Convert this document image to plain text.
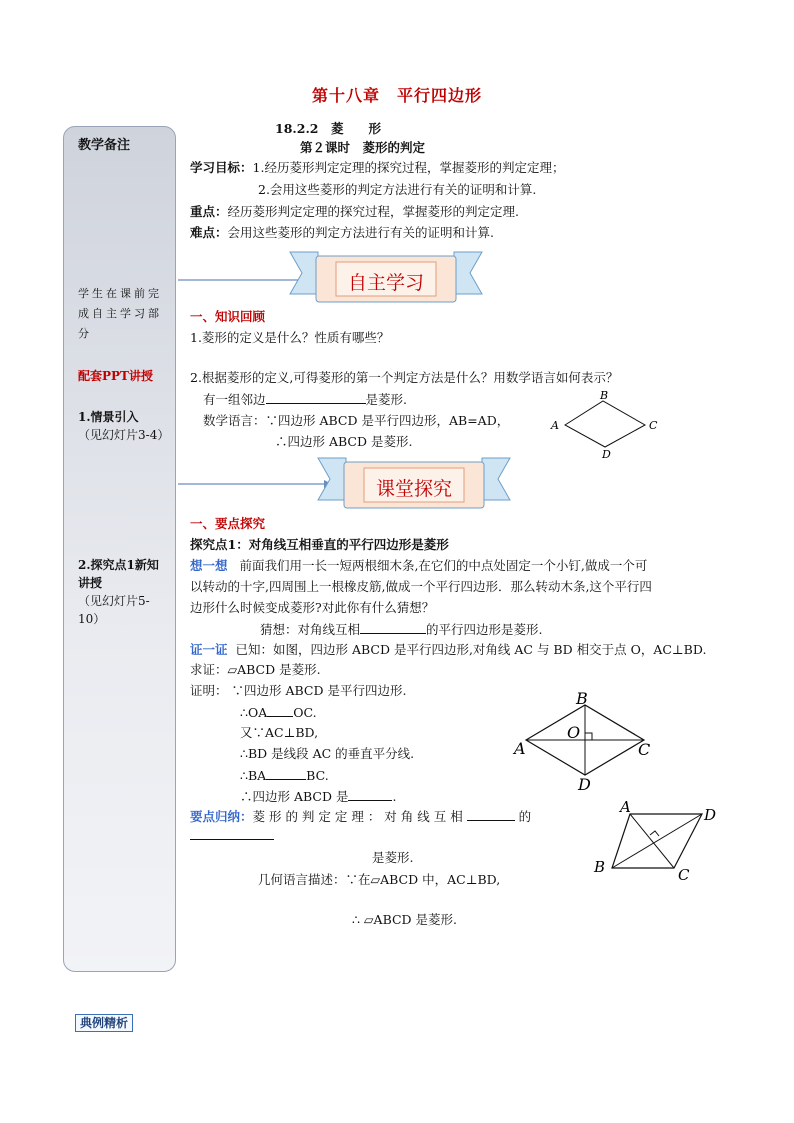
第十八章　平行四边形
教学备注
学生在课前完成自主学习部分
配套PPT讲授
1.情景引入
（见幻灯片3-4）
2.探究点1新知讲授
（见幻灯片5-10）
18.2.2　菱　　形
第２课时　菱形的判定
学习目标：1.经历菱形判定定理的探究过程，掌握菱形的判定定理；
2.会用这些菱形的判定方法进行有关的证明和计算.
重点：经历菱形判定定理的探究过程，掌握菱形的判定定理.
难点：会用这些菱形的判定方法进行有关的证明和计算.
自主学习
一、知识回顾
1.菱形的定义是什么？性质有哪些？
2.根据菱形的定义,可得菱形的第一个判定方法是什么？用数学语言如何表示？
有一组邻边	是菱形.
数学语言：∵四边形 ABCD 是平行四边形，AB=AD，
∴四边形 ABCD 是菱形.
A
B
C
D
课堂探究
一、要点探究
探究点1：对角线互相垂直的平行四边形是菱形
想一想 前面我们用一长一短两根细木条,在它们的中点处固定一个小钉,做成一个可
以转动的十字,四周围上一根橡皮筋,做成一个平行四边形．那么转动木条,这个平行四
边形什么时候变成菱形?对此你有什么猜想？
猜想：对角线互相	的平行四边形是菱形.
证一证 已知：如图，四边形 ABCD 是平行四边形,对角线 AC 与 BD 相交于点 O，AC⊥BD.
求证：▱ABCD 是菱形.
证明： ∵四边形 ABCD 是平行四边形.
∴OA OC.
又∵AC⊥BD,
∴BD 是线段 AC 的垂直平分线.
∴BA	BC.
∴四边形 ABCD 是	.
A
B
C
D
O
要点归纳：菱 形 的 判 定 定 理 ： 对 角 线 互 相	的
是菱形.
几何语言描述：∵在▱ABCD 中，AC⊥BD,
∴ ▱ABCD 是菱形.
A	D
B	C
典例精析
